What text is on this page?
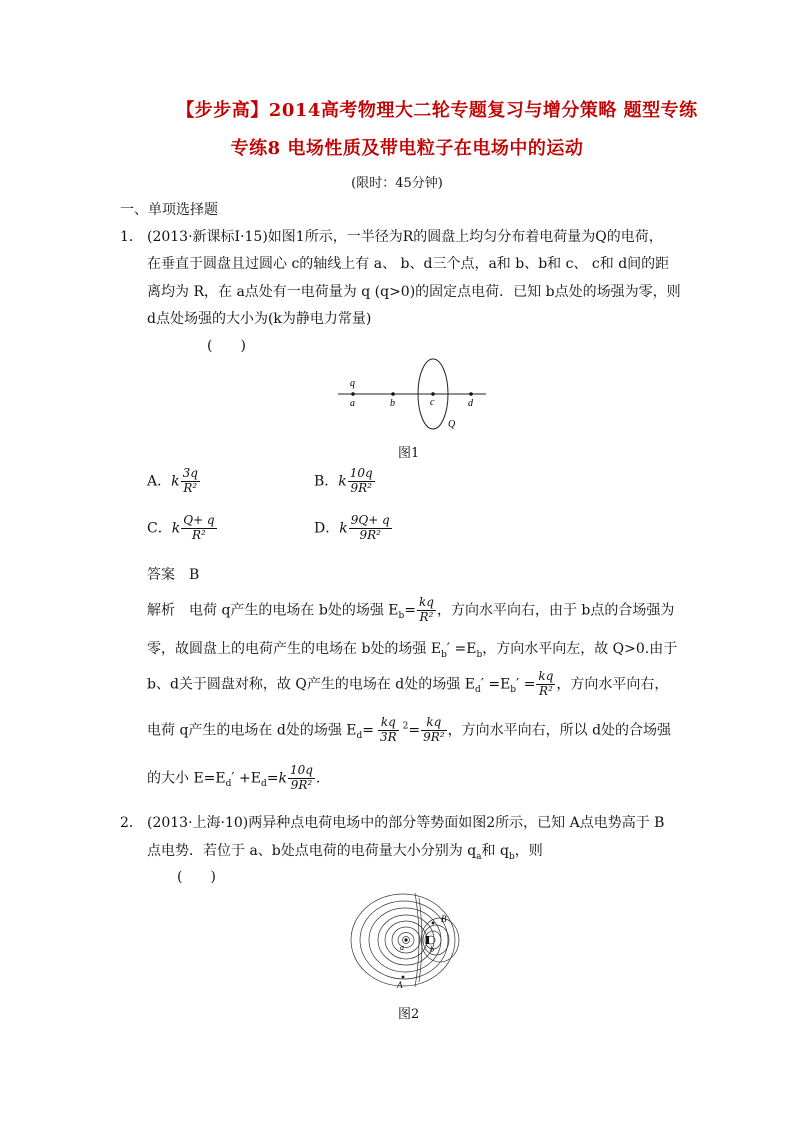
【步步高】2014高考物理大二轮专题复习与增分策略 题型专练
专练8 电场性质及带电粒子在电场中的运动
(限时：45分钟)
一、单项选择题
1． (2013·新课标Ⅰ·15)如图1所示，一半径为R的圆盘上均匀分布着电荷量为Q的电荷，
在垂直于圆盘且过圆心 c的轴线上有 a、 b、d三个点，a和 b、b和 c、 c和 d间的距
离均为 R，在 a点处有一电荷量为 q (q>0)的固定点电荷．已知 b点处的场强为零，则
d点处场强的大小为(k为静电力常量)
(　　)
q
a	b	c	d
Q
图1
A．k $\frac{3q}{\text{R²}}$	B．k $\frac{10q}{\text{9R²}}$
C．k $\frac{Q+ q}{\text{R²}}$	D．k $\frac{9Q+ q}{\text{9R²}}$
答案　B
解析　电荷 q产生的电场在 b处的场强 $E_b= \frac{kq}{\text{R²}}$ ，方向水平向右，由于 b点的合场强为
零，故圆盘上的电荷产生的电场在 b处的场强 $E_b' =E_b$，方向水平向左，故 Q>0.由于
b、d关于圆盘对称，故 Q产生的电场在 d处的场强 $E_d' =E_b' = \frac{kq}{\text{R²}}$ ，方向水平向右，
电荷 q产生的电场在 d处的场强 $E_d= \frac{kq}{3R} ^2= \frac{kq}{\text{9R²}}$ ，方向水平向右，所以 d处的合场强
的大小 $E=E_d' +E_d=k \frac{10q}{\text{9R²}}$ .
2． (2013·上海·10)两异种点电荷电场中的部分等势面如图2所示，已知 A点电势高于 B
点电势．若位于 a、b处点电荷的电荷量大小分别为 $q_a$和 $q_b$，则
(　　)
B
A
a	b
图2
